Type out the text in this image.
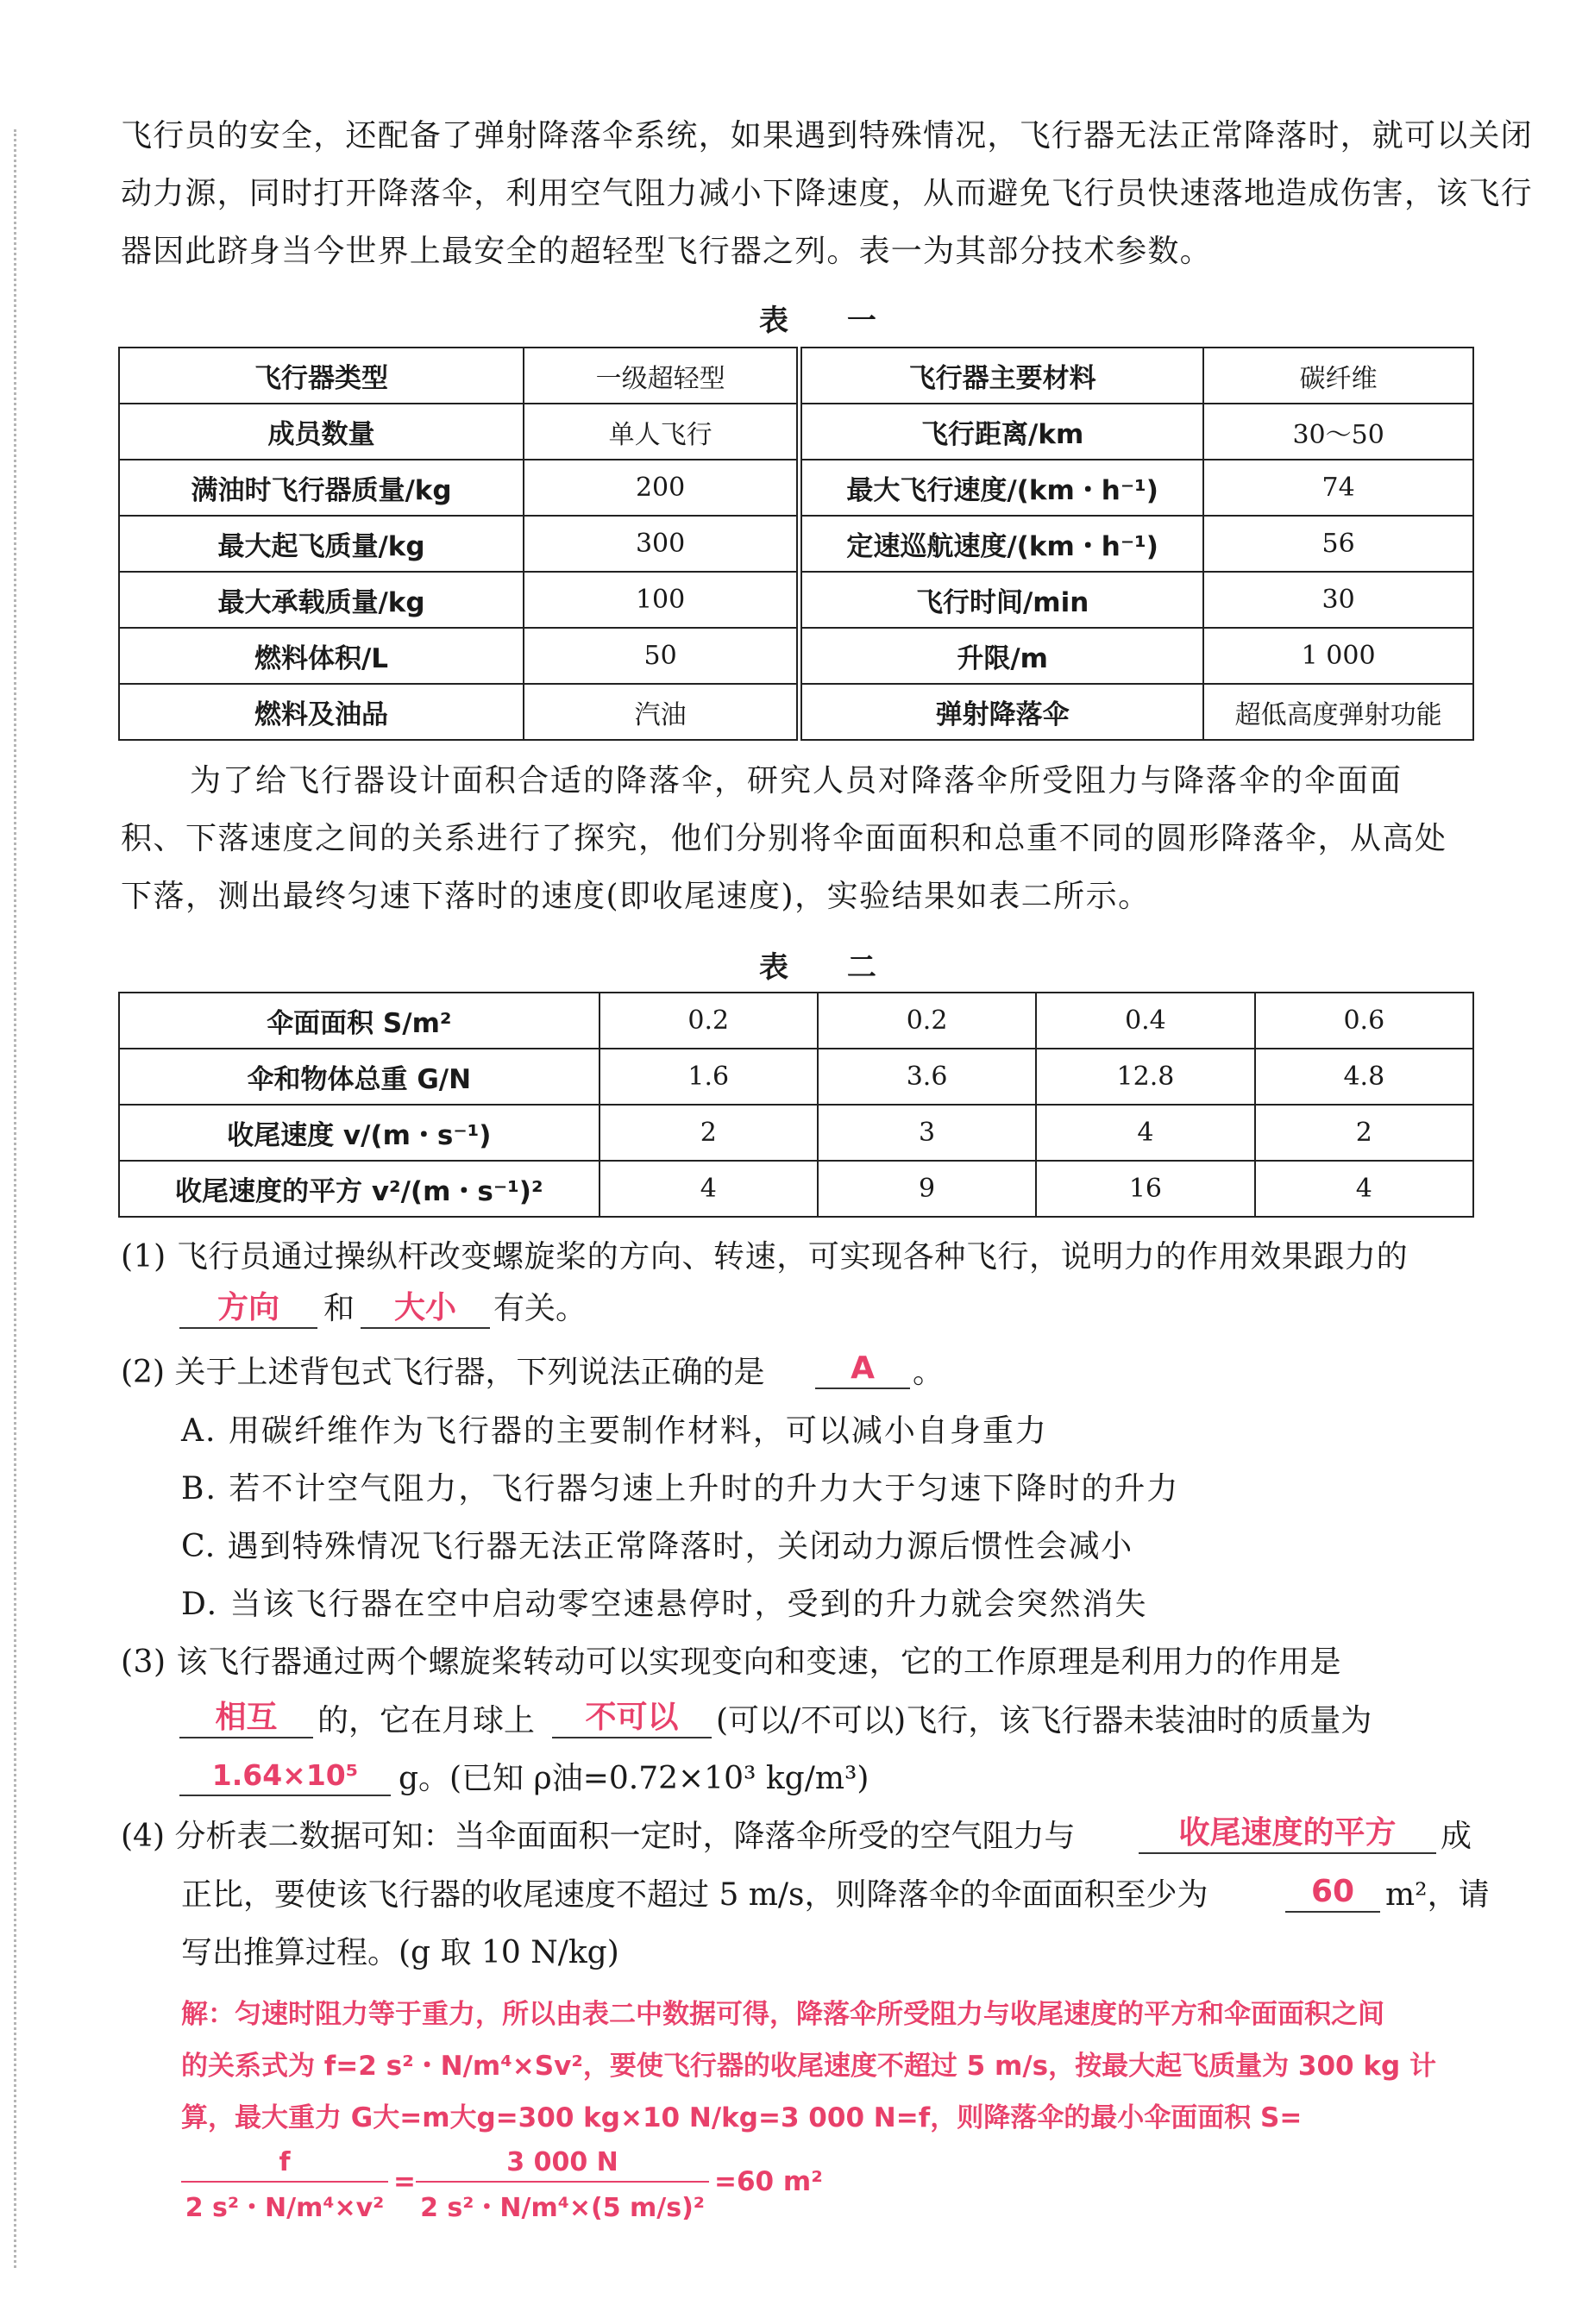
飞行员的安全，还配备了弹射降落伞系统，如果遇到特殊情况，飞行器无法正常降落时，就可以关闭
动力源，同时打开降落伞，利用空气阻力减小下降速度，从而避免飞行员快速落地造成伤害，该飞行
器因此跻身当今世界上最安全的超轻型飞行器之列。表一为其部分技术参数。
表 一
飞行器类型	一级超轻型		飞行器主要材料	碳纤维
成员数量	单人飞行		飞行距离/km	30～50
满油时飞行器质量/kg	200		最大飞行速度/(km・h⁻¹)	74
最大起飞质量/kg	300		定速巡航速度/(km・h⁻¹)	56
最大承载质量/kg	100		飞行时间/min	30
燃料体积/L	50		升限/m	1 000
燃料及油品	汽油		弹射降落伞	超低高度弹射功能
为了给飞行器设计面积合适的降落伞，研究人员对降落伞所受阻力与降落伞的伞面面
积、下落速度之间的关系进行了探究，他们分别将伞面面积和总重不同的圆形降落伞，从高处
下落，测出最终匀速下落时的速度(即收尾速度)，实验结果如表二所示。
表 二
伞面面积 S/m²	0.2	0.2	0.4	0.6
伞和物体总重 G/N	1.6	3.6	12.8	4.8
收尾速度 v/(m・s⁻¹)	2	3	4	2
收尾速度的平方 v²/(m・s⁻¹)²	4	9	16	4
(1) 飞行员通过操纵杆改变螺旋桨的方向、转速，可实现各种飞行，说明力的作用效果跟力的
方向	和	大小	有关。
(2) 关于上述背包式飞行器，下列说法正确的是	A	。
A. 用碳纤维作为飞行器的主要制作材料，可以减小自身重力
B. 若不计空气阻力，飞行器匀速上升时的升力大于匀速下降时的升力
C. 遇到特殊情况飞行器无法正常降落时，关闭动力源后惯性会减小
D. 当该飞行器在空中启动零空速悬停时，受到的升力就会突然消失
(3) 该飞行器通过两个螺旋桨转动可以实现变向和变速，它的工作原理是利用力的作用是
相互	的，它在月球上	不可以	(可以/不可以)飞行，该飞行器未装油时的质量为
1.64×10⁵	g。(已知 ρ油=0.72×10³ kg/m³)
(4) 分析表二数据可知：当伞面面积一定时，降落伞所受的空气阻力与	收尾速度的平方	成
正比，要使该飞行器的收尾速度不超过 5 m/s，则降落伞的伞面面积至少为	60 m²，请
写出推算过程。(g 取 10 N/kg)
解：匀速时阻力等于重力，所以由表二中数据可得，降落伞所受阻力与收尾速度的平方和伞面面积之间
的关系式为 f=2 s²・N/m⁴×Sv²，要使飞行器的收尾速度不超过 5 m/s，按最大起飞质量为 300 kg 计
算，最大重力 G大=m大g=300 kg×10 N/kg=3 000 N=f，则降落伞的最小伞面面积 S=
$\frac{f}{\text{2 s²・N/m⁴×v²}} = \frac{3 000 N}{\text{2 s²・N/m⁴×(5 m/s)²}} =60$ m²
